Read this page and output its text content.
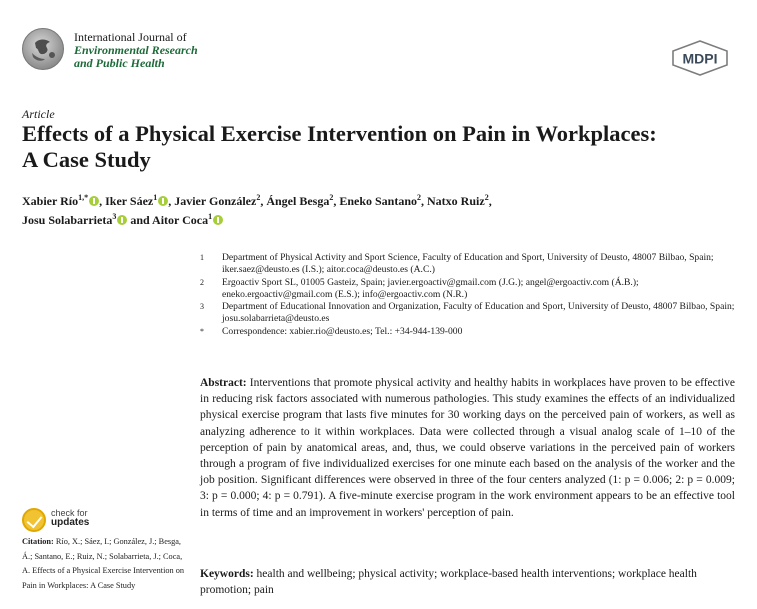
International Journal of
Environmental Research
and Public Health	MDPI
Article
Effects of a Physical Exercise Intervention on Pain in Workplaces:
A Case Study
Xabier Río$^{1,*}$ , Iker Sáez$^1$ , Javier González$^2$, Ángel Besga$^2$, Eneko Santano$^2$, Natxo Ruiz$^2$,
Josu Solabarrieta$^3$ and Aitor Coca$^1$
1	Department of Physical Activity and Sport Science, Faculty of Education and Sport, University of Deusto, 48007 Bilbao, Spain; iker.saez@deusto.es (I.S.); aitor.coca@deusto.es (A.C.)
2	Ergoactiv Sport SL, 01005 Gasteiz, Spain; javier.ergoactiv@gmail.com (J.G.); angel@ergoactiv.com (Á.B.); eneko.ergoactiv@gmail.com (E.S.); info@ergoactiv.com (N.R.)
3	Department of Educational Innovation and Organization, Faculty of Education and Sport, University of Deusto, 48007 Bilbao, Spain; josu.solabarrieta@deusto.es
*	Correspondence: xabier.rio@deusto.es; Tel.: +34-944-139-000
Abstract: Interventions that promote physical activity and healthy habits in workplaces have proven to be effective in reducing risk factors associated with numerous pathologies. This study examines the effects of an individualized physical exercise program that lasts five minutes for 30 working days on the perceived pain of workers, as well as analyzing adherence to it within workplaces. Data were collected through a visual analog scale of 1–10 of the perception of pain by anatomical areas, and, thus, we could observe variations in the perceived pain of workers through a program of five individualized exercises for one minute each based on the analysis of the worker and the job position. Significant differences were observed in three of the four centers analyzed (1: p = 0.006; 2: p = 0.009; 3: p = 0.000; 4: p = 0.791). A five-minute exercise program in the work environment appears to be an effective tool in terms of time and an improvement in workers' perception of pain.
Keywords: health and wellbeing; physical activity; workplace-based health interventions; workplace health promotion; pain
check for
updates
Citation: Río, X.; Sáez, I.; González, J.; Besga, Á.; Santano, E.; Ruiz, N.; Solabarrieta, J.; Coca, A. Effects of a Physical Exercise Intervention on Pain in Workplaces: A Case Study
